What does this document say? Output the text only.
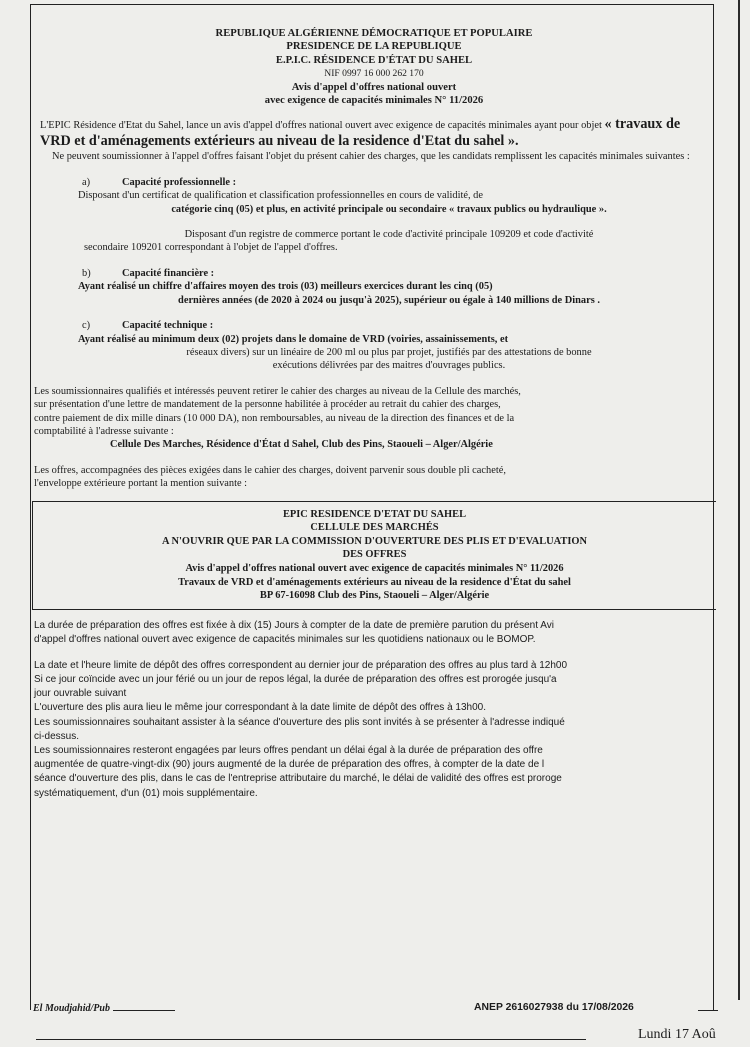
REPUBLIQUE ALGÉRIENNE DÉMOCRATIQUE ET POPULAIRE
PRESIDENCE DE LA REPUBLIQUE
E.P.I.C. RÉSIDENCE D'ÉTAT DU SAHEL
NIF 0997 16 000 262 170
Avis d'appel d'offres national ouvert
avec exigence de capacités minimales N° 11/2026

L'EPIC Résidence d'Etat du Sahel, lance un avis d'appel d'offres national ouvert avec exigence de capacités minimales ayant pour objet « travaux de VRD et d'aménagements extérieurs au niveau de la residence d'Etat du sahel ».

Ne peuvent soumissionner à l'appel d'offres faisant l'objet du présent cahier des charges, que les candidats remplissent les capacités minimales suivantes :

a)	Capacité professionnelle :

Disposant d'un certificat de qualification et classification professionnelles en cours de validité, de

catégorie cinq (05) et plus, en activité principale ou secondaire « travaux publics ou hydraulique ».

Disposant d'un registre de commerce portant le code d'activité principale 109209 et code d'activité

secondaire 109201 correspondant à l'objet de l'appel d'offres.

b)	Capacité financière :

Ayant réalisé un chiffre d'affaires moyen des trois (03) meilleurs exercices durant les cinq (05)

dernières années (de 2020 à 2024 ou jusqu'à 2025), supérieur ou égale à 140 millions de Dinars .

c)	Capacité technique :

Ayant réalisé au minimum deux (02) projets dans le domaine de VRD (voiries, assainissements, et

réseaux divers) sur un linéaire de 200 ml ou plus par projet, justifiés par des attestations de bonne

exécutions délivrées par des maitres d'ouvrages publics.

Les soumissionnaires qualifiés et intéressés peuvent retirer le cahier des charges au niveau de la Cellule des marchés,

sur présentation d'une lettre de mandatement de la personne habilitée à procéder au retrait du cahier des charges,

contre paiement de dix mille dinars (10 000 DA), non remboursables, au niveau de la direction des finances et de la

comptabilité à l'adresse suivante :

Cellule Des Marches, Résidence d'État d Sahel, Club des Pins, Staoueli – Alger/Algérie

Les offres, accompagnées des pièces exigées dans le cahier des charges, doivent parvenir sous double pli cacheté,

l'enveloppe extérieure portant la mention suivante :

EPIC RESIDENCE D'ETAT DU SAHEL
CELLULE DES MARCHÉS
A N'OUVRIR QUE PAR LA COMMISSION D'OUVERTURE DES PLIS ET D'EVALUATION
DES OFFRES
Avis d'appel d'offres national ouvert avec exigence de capacités minimales N° 11/2026
Travaux de VRD et d'aménagements extérieurs au niveau de la residence d'État du sahel
BP 67-16098 Club des Pins, Staoueli – Alger/Algérie

La durée de préparation des offres est fixée à dix (15) Jours à compter de la date de première parution du présent Avi

d'appel d'offres national ouvert avec exigence de capacités minimales sur les quotidiens nationaux ou le BOMOP.

La date et l'heure limite de dépôt des offres correspondent au dernier jour de préparation des offres au plus tard à 12h00

Si ce jour coïncide avec un jour férié ou un jour de repos légal, la durée de préparation des offres est prorogée jusqu'a

jour ouvrable suivant

L'ouverture des plis aura lieu le même jour correspondant à la date limite de dépôt des offres à 13h00.

Les soumissionnaires souhaitant assister à la séance d'ouverture des plis sont invités à se présenter à l'adresse indiqué

ci-dessus.

Les soumissionnaires resteront engagées par leurs offres pendant un délai égal à la durée de préparation des offre

augmentée de quatre-vingt-dix (90) jours augmenté de la durée de préparation des offres, à compter de la date de l

séance d'ouverture des plis, dans le cas de l'entreprise attributaire du marché, le délai de validité des offres est proroge

systématiquement, d'un (01) mois supplémentaire.

El Moudjahid/Pub	ANEP 2616027938 du 17/08/2026
Lundi 17 Aoû
